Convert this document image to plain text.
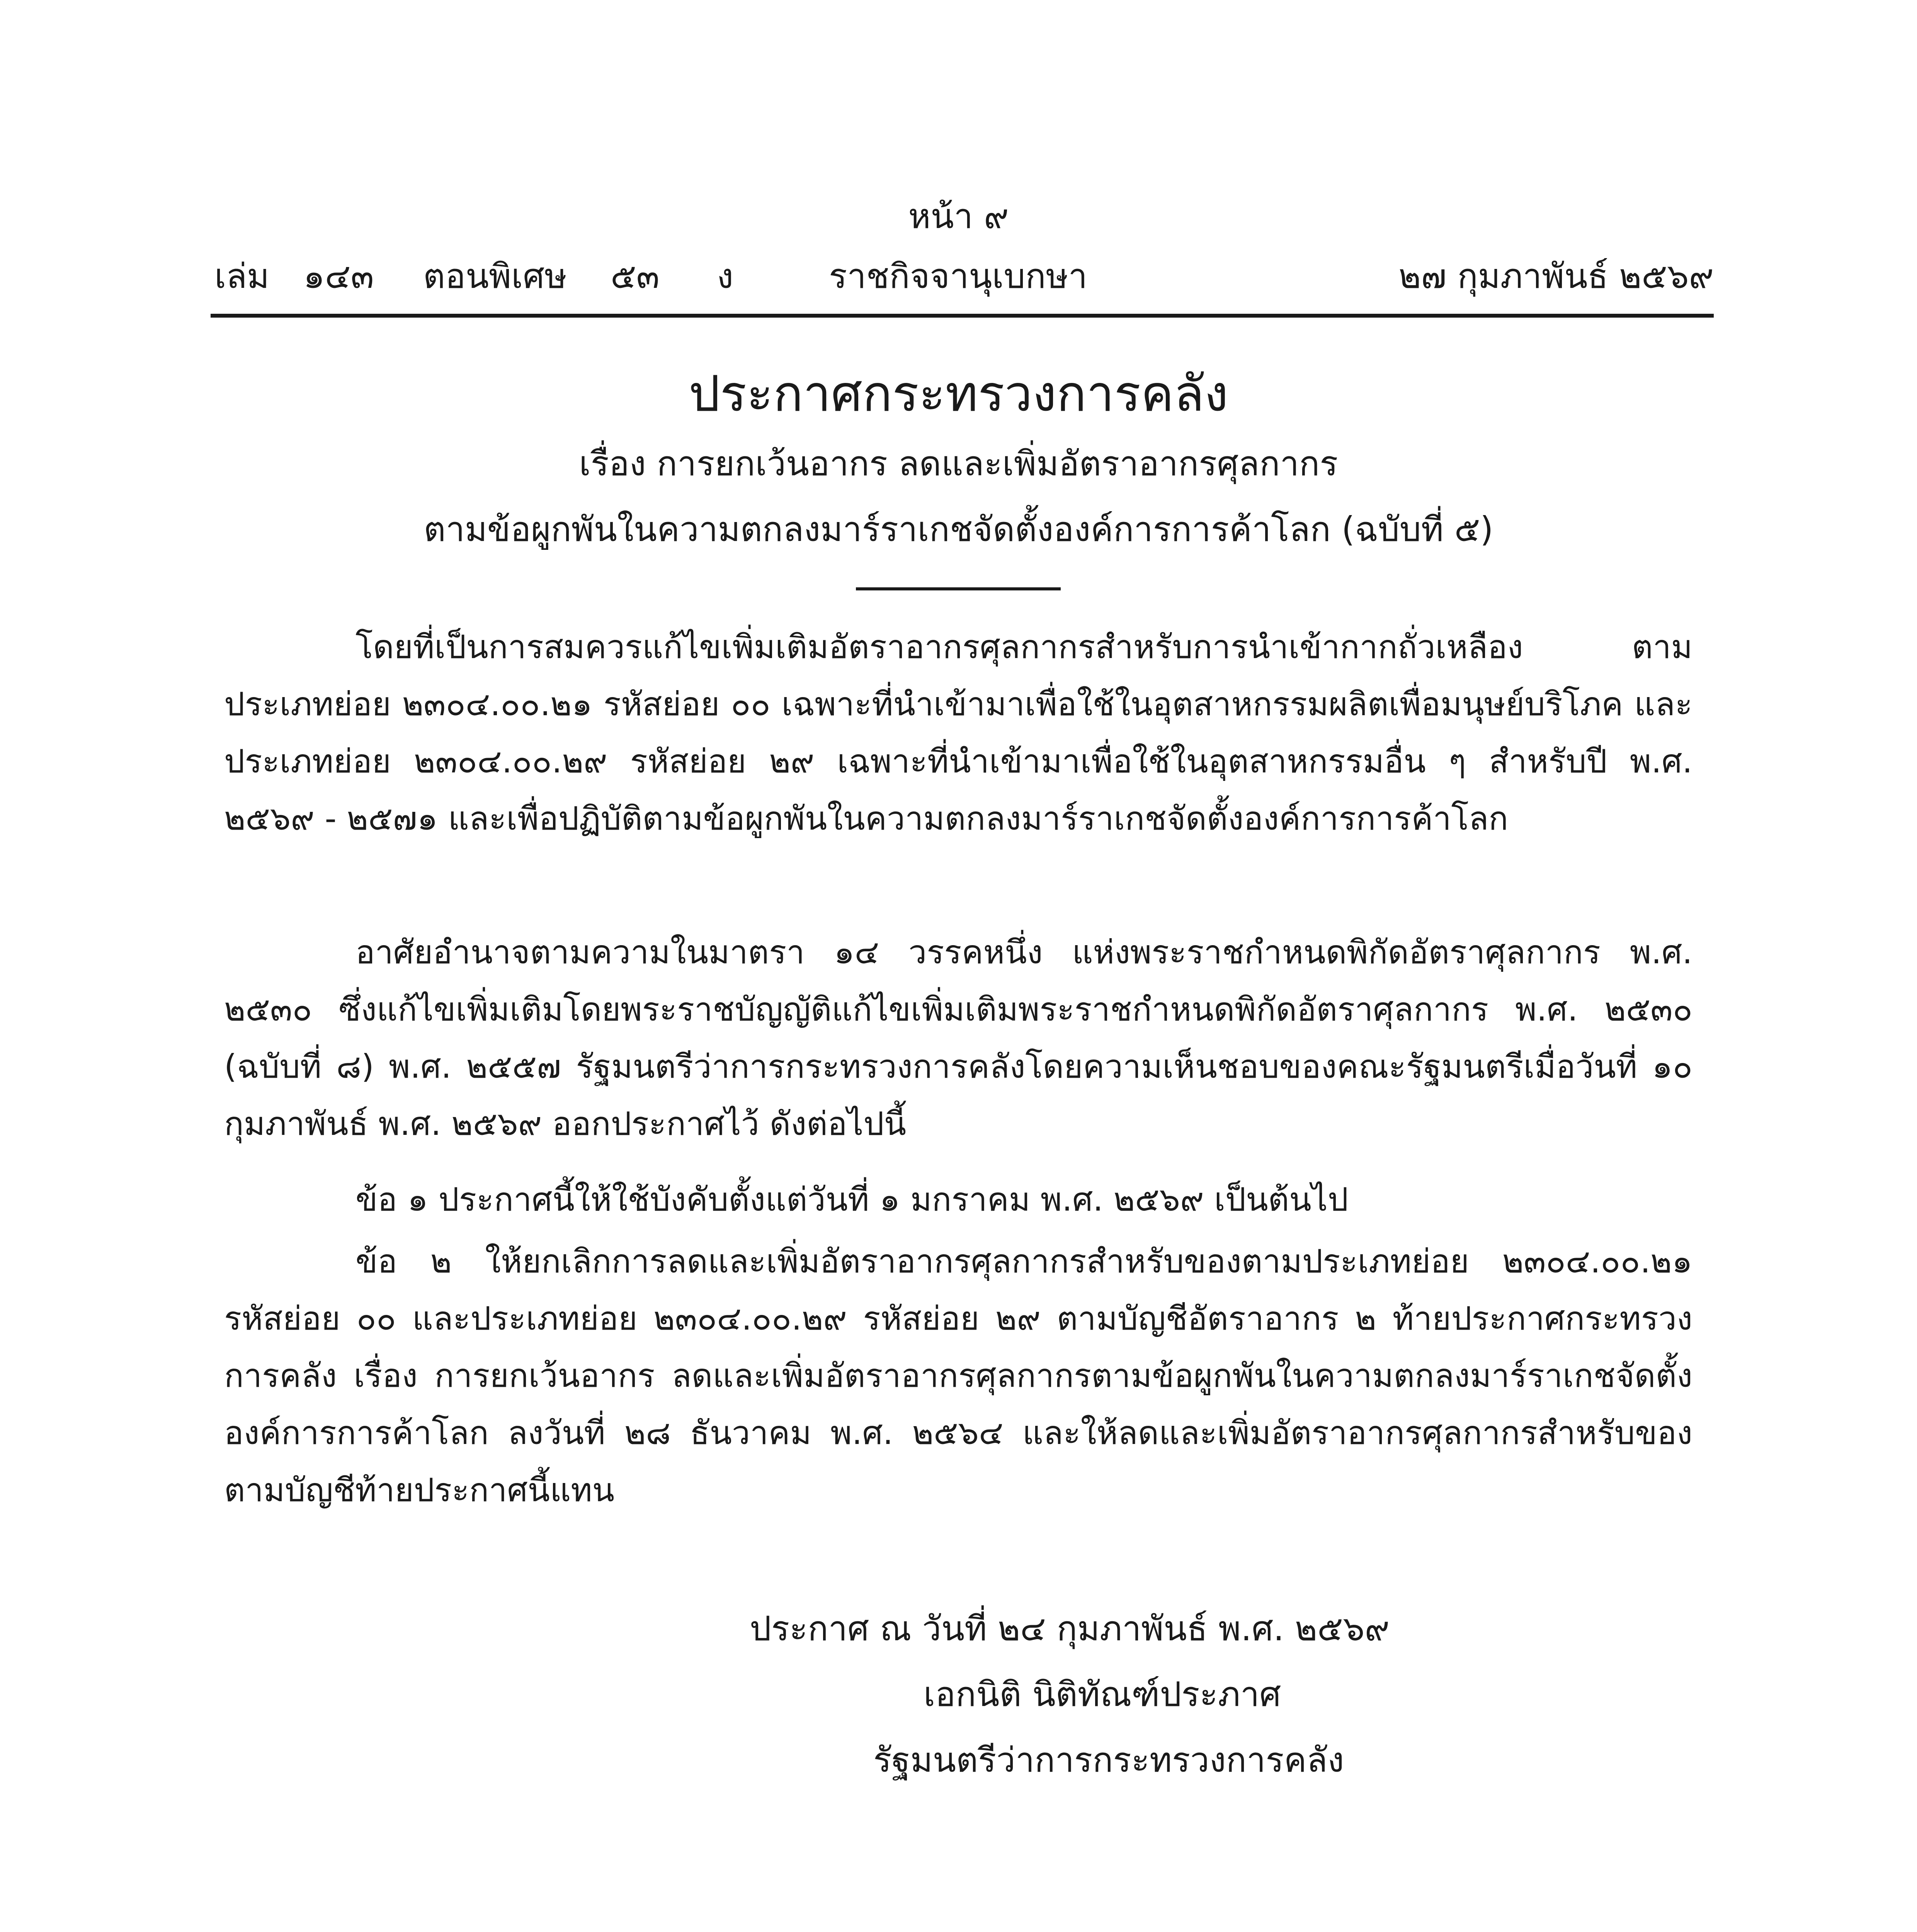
หน้า ๙
เล่ม ๑๔๓ ตอนพิเศษ ๕๓ ง	ราชกิจจานุเบกษา	๒๗ กุมภาพันธ์ ๒๕๖๙
ประกาศกระทรวงการคลัง
เรื่อง การยกเว้นอากร ลดและเพิ่มอัตราอากรศุลกากร
ตามข้อผูกพันในความตกลงมาร์ราเกชจัดตั้งองค์การการค้าโลก (ฉบับที่ ๕)
โดยที่เป็นการสมควรแก้ไขเพิ่มเติมอัตราอากรศุลกากรสำหรับการนำเข้ากากถั่วเหลือง ตามประเภทย่อย ๒๓๐๔.๐๐.๒๑ รหัสย่อย ๐๐ เฉพาะที่นำเข้ามาเพื่อใช้ในอุตสาหกรรมผลิตเพื่อมนุษย์บริโภค และประเภทย่อย ๒๓๐๔.๐๐.๒๙ รหัสย่อย ๒๙ เฉพาะที่นำเข้ามาเพื่อใช้ในอุตสาหกรรมอื่น ๆ สำหรับปี พ.ศ. ๒๕๖๙ - ๒๕๗๑ และเพื่อปฏิบัติตามข้อผูกพันในความตกลงมาร์ราเกชจัดตั้งองค์การการค้าโลก
อาศัยอำนาจตามความในมาตรา ๑๔ วรรคหนึ่ง แห่งพระราชกำหนดพิกัดอัตราศุลกากร พ.ศ. ๒๕๓๐ ซึ่งแก้ไขเพิ่มเติมโดยพระราชบัญญัติแก้ไขเพิ่มเติมพระราชกำหนดพิกัดอัตราศุลกากร พ.ศ. ๒๕๓๐ (ฉบับที่ ๘) พ.ศ. ๒๕๕๗ รัฐมนตรีว่าการกระทรวงการคลังโดยความเห็นชอบของคณะรัฐมนตรีเมื่อวันที่ ๑๐ กุมภาพันธ์ พ.ศ. ๒๕๖๙ ออกประกาศไว้ ดังต่อไปนี้
ข้อ ๑ ประกาศนี้ให้ใช้บังคับตั้งแต่วันที่ ๑ มกราคม พ.ศ. ๒๕๖๙ เป็นต้นไป
ข้อ ๒ ให้ยกเลิกการลดและเพิ่มอัตราอากรศุลกากรสำหรับของตามประเภทย่อย ๒๓๐๔.๐๐.๒๑ รหัสย่อย ๐๐ และประเภทย่อย ๒๓๐๔.๐๐.๒๙ รหัสย่อย ๒๙ ตามบัญชีอัตราอากร ๒ ท้ายประกาศกระทรวงการคลัง เรื่อง การยกเว้นอากร ลดและเพิ่มอัตราอากรศุลกากรตามข้อผูกพันในความตกลงมาร์ราเกชจัดตั้งองค์การการค้าโลก ลงวันที่ ๒๘ ธันวาคม พ.ศ. ๒๕๖๔ และให้ลดและเพิ่มอัตราอากรศุลกากรสำหรับของตามบัญชีท้ายประกาศนี้แทน
ประกาศ ณ วันที่ ๒๔ กุมภาพันธ์ พ.ศ. ๒๕๖๙
เอกนิติ นิติทัณฑ์ประภาศ
รัฐมนตรีว่าการกระทรวงการคลัง
